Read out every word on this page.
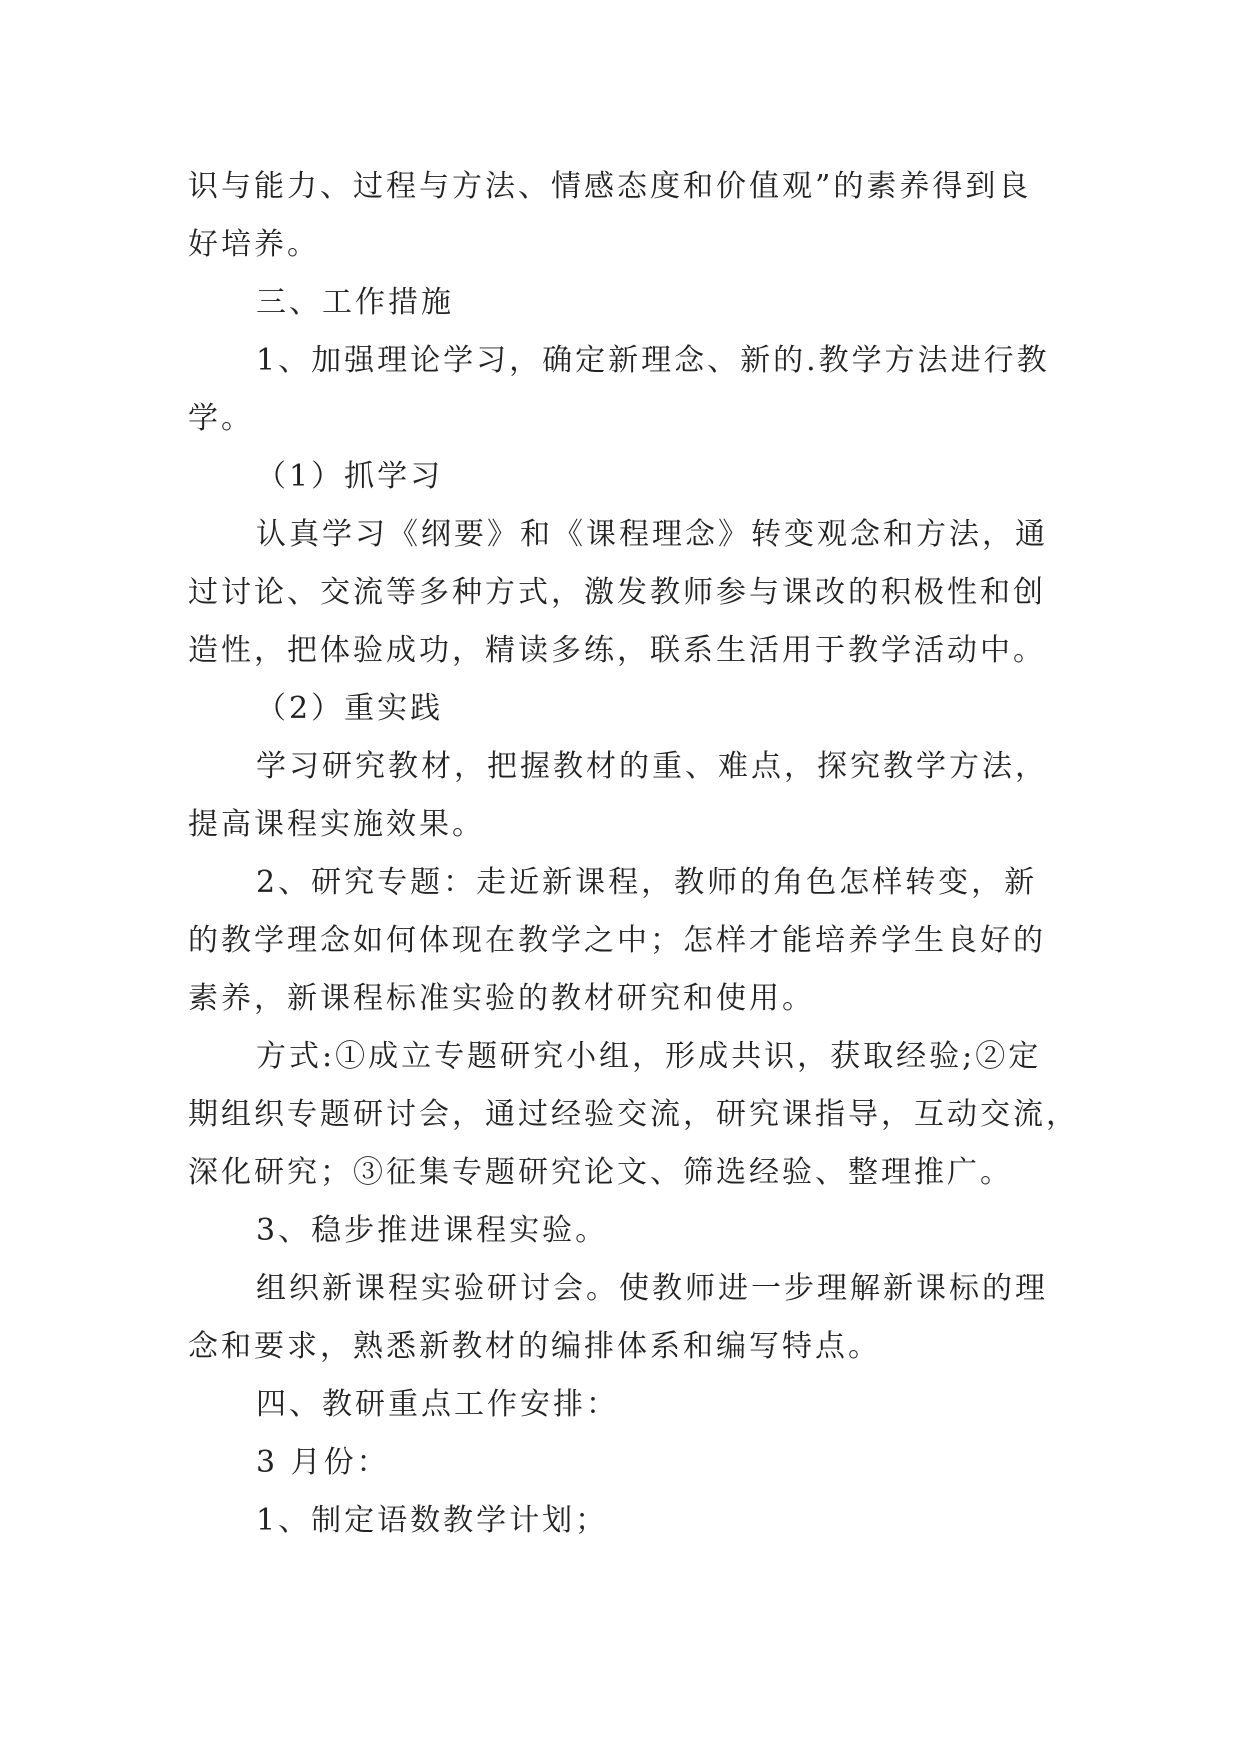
识与能力、过程与方法、情感态度和价值观”的素养得到良
好培养。
三、工作措施
1、加强理论学习，确定新理念、新的.教学方法进行教
学。
（1）抓学习
认真学习《纲要》和《课程理念》转变观念和方法，通
过讨论、交流等多种方式，激发教师参与课改的积极性和创
造性，把体验成功，精读多练，联系生活用于教学活动中。
（2）重实践
学习研究教材，把握教材的重、难点，探究教学方法，
提高课程实施效果。
2、研究专题：走近新课程，教师的角色怎样转变，新
的教学理念如何体现在教学之中；怎样才能培养学生良好的
素养，新课程标准实验的教材研究和使用。
方式:①成立专题研究小组，形成共识，获取经验;②定
期组织专题研讨会，通过经验交流，研究课指导，互动交流，
深化研究；③征集专题研究论文、筛选经验、整理推广。
3、稳步推进课程实验。
组织新课程实验研讨会。使教师进一步理解新课标的理
念和要求，熟悉新教材的编排体系和编写特点。
四、教研重点工作安排：
3 月份：
1、制定语数教学计划；
